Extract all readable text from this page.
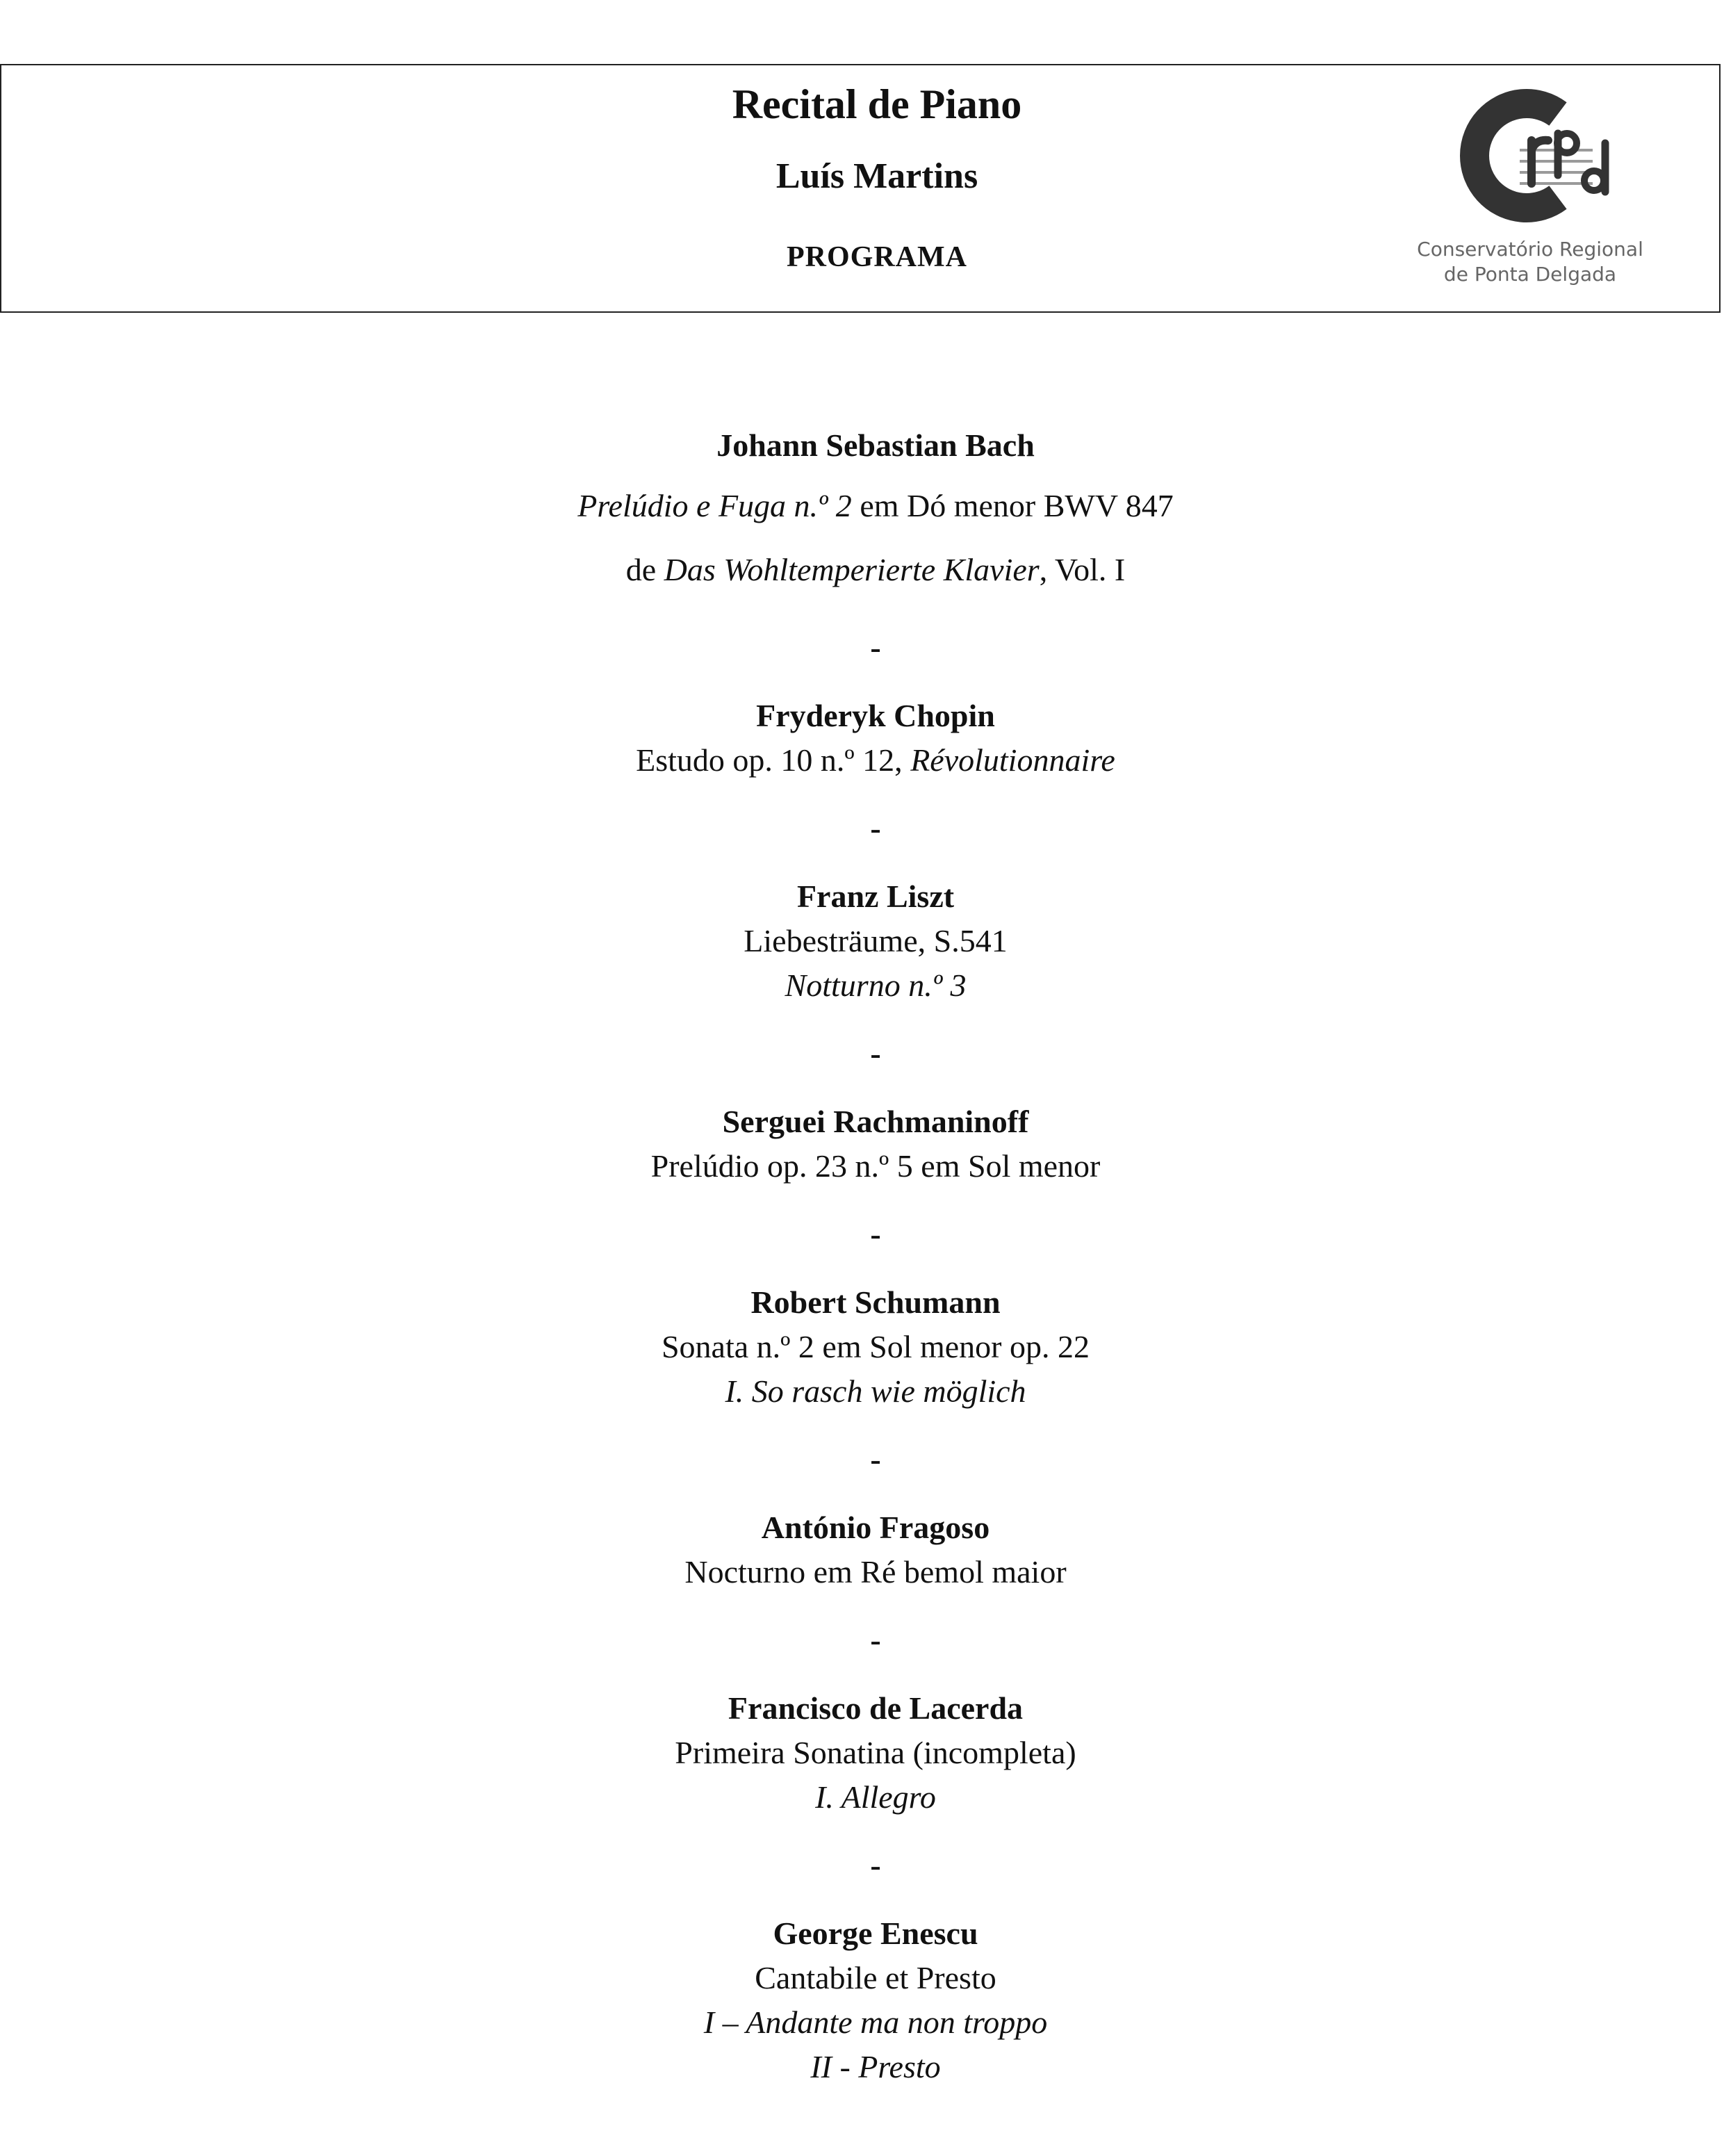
Recital de Piano
Luís Martins
PROGRAMA	Conservatório Regional
de Ponta Delgada

Johann Sebastian Bach

Prelúdio e Fuga n.º 2 em Dó menor BWV 847

de Das Wohltemperierte Klavier, Vol. I

-

Fryderyk Chopin

Estudo op. 10 n.º 12, Révolutionnaire

-

Franz Liszt

Liebesträume, S.541

Notturno n.º 3

-

Serguei Rachmaninoff

Prelúdio op. 23 n.º 5 em Sol menor

-

Robert Schumann

Sonata n.º 2 em Sol menor op. 22

I. So rasch wie möglich

-

António Fragoso

Nocturno em Ré bemol maior

-

Francisco de Lacerda

Primeira Sonatina (incompleta)

I. Allegro

-

George Enescu

Cantabile et Presto

I – Andante ma non troppo

II - Presto
